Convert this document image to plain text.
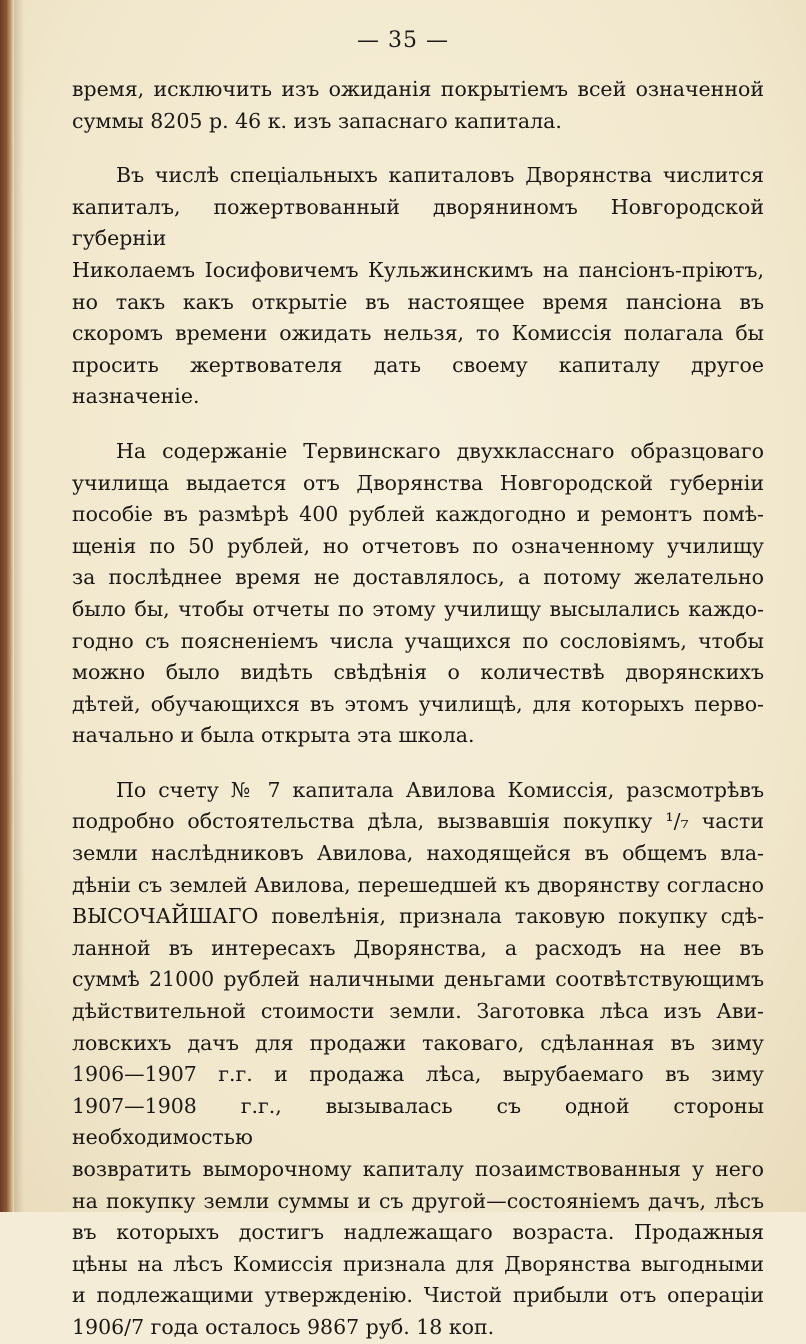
— 35 —

время, исключить изъ ожиданія покрытіемъ всей означенной

суммы 8205 р. 46 к. изъ запаснаго капитала.

Въ числѣ спеціальныхъ капиталовъ Дворянства числится

капиталъ, пожертвованный дворяниномъ Новгородской губерніи

Николаемъ Іосифовичемъ Кульжинскимъ на пансіонъ-пріютъ,

но такъ какъ открытіе въ настоящее время пансіона въ

скоромъ времени ожидать нельзя, то Комиссія полагала бы

просить жертвователя дать своему капиталу другое назначеніе.

На содержаніе Тервинскаго двухкласснаго образцоваго

училища выдается отъ Дворянства Новгородской губерніи

пособіе въ размѣрѣ 400 рублей каждогодно и ремонтъ помѣ-

щенія по 50 рублей, но отчетовъ по означенному училищу

за послѣднее время не доставлялось, а потому желательно

было бы, чтобы отчеты по этому училищу высылались каждо-

годно съ поясненіемъ числа учащихся по сословіямъ, чтобы

можно было видѣть свѣдѣнія о количествѣ дворянскихъ

дѣтей, обучающихся въ этомъ училищѣ, для которыхъ перво-

начально и была открыта эта школа.

По счету № 7 капитала Авилова Комиссія, разсмотрѣвъ

подробно обстоятельства дѣла, вызвавшія покупку ¹/₇ части

земли наслѣдниковъ Авилова, находящейся въ общемъ вла-

дѣніи съ землей Авилова, перешедшей къ дворянству согласно

ВЫСОЧАЙШАГО повелѣнія, признала таковую покупку сдѣ-

ланной въ интересахъ Дворянства, а расходъ на нее въ

суммѣ 21000 рублей наличными деньгами соотвѣтствующимъ

дѣйствительной стоимости земли. Заготовка лѣса изъ Ави-

ловскихъ дачъ для продажи таковаго, сдѣланная въ зиму

1906—1907 г.г. и продажа лѣса, вырубаемаго въ зиму

1907—1908 г.г., вызывалась съ одной стороны необходимостью

возвратить выморочному капиталу позаимствованныя у него

на покупку земли суммы и съ другой—состояніемъ дачъ, лѣсъ

въ которыхъ достигъ надлежащаго возраста. Продажныя

цѣны на лѣсъ Комиссія признала для Дворянства выгодными

и подлежащими утвержденію. Чистой прибыли отъ операціи

1906/7 года осталось 9867 руб. 18 коп.
